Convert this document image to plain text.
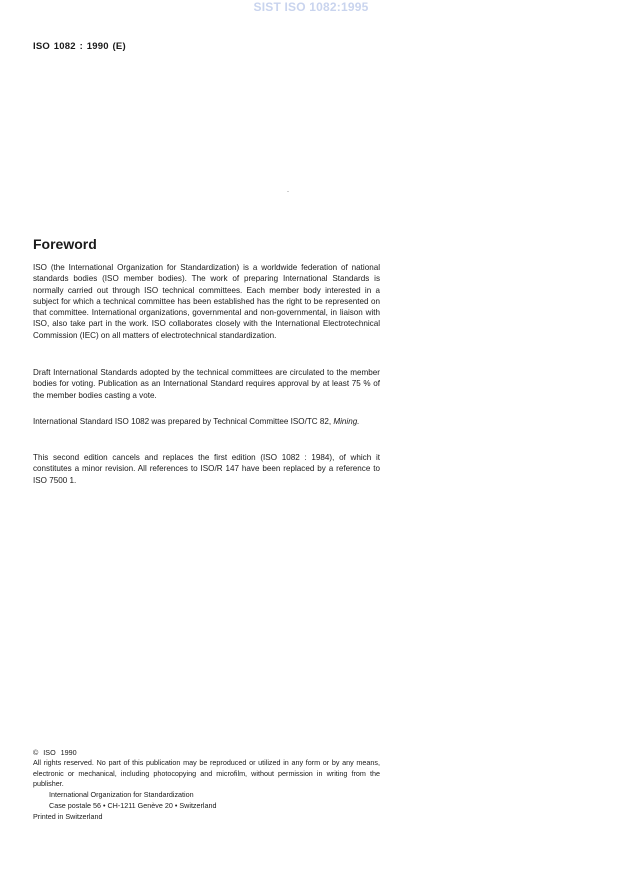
SIST ISO 1082:1995
ISO 1082 : 1990 (E)
Foreword

ISO (the International Organization for Standardization) is a worldwide federation of national standards bodies (ISO member bodies). The work of preparing International Standards is normally carried out through ISO technical committees. Each member body interested in a subject for which a technical committee has been established has the right to be represented on that committee. International organizations, governmental and non-governmental, in liaison with ISO, also take part in the work. ISO collaborates closely with the International Electrotechnical Commission (IEC) on all matters of electrotechnical standardization.

Draft International Standards adopted by the technical committees are circulated to the member bodies for voting. Publication as an International Standard requires approval by at least 75 % of the member bodies casting a vote.

International Standard ISO 1082 was prepared by Technical Committee ISO/TC 82, Mining.

This second edition cancels and replaces the first edition (ISO 1082 : 1984), of which it constitutes a minor revision. All references to ISO/R 147 have been replaced by a reference to ISO 7500 1.

© ISO 1990
All rights reserved. No part of this publication may be reproduced or utilized in any form or by any means, electronic or mechanical, including photocopying and microfilm, without permission in writing from the publisher.
International Organization for Standardization
Case postale 56 • CH-1211 Genève 20 • Switzerland
Printed in Switzerland
